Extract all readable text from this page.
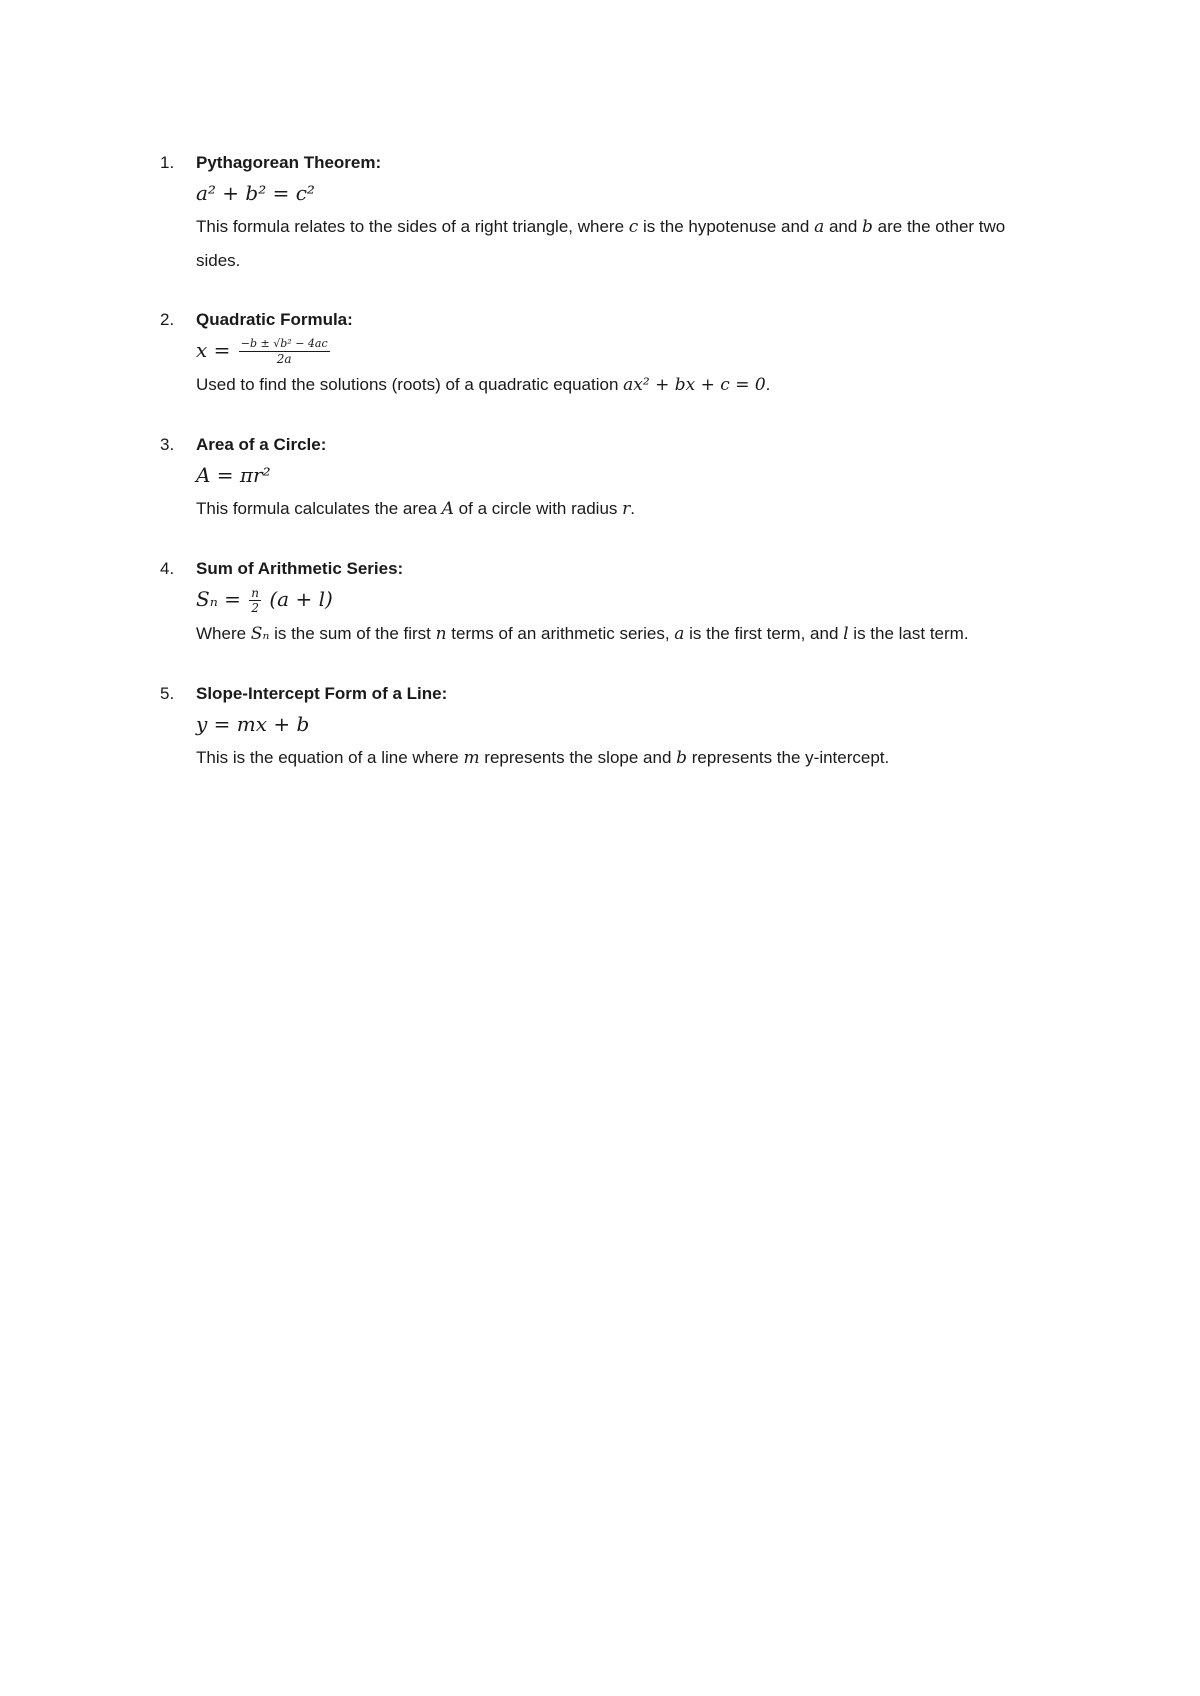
1.	Pythagorean Theorem:

a² + b² = c²

This formula relates to the sides of a right triangle, where c is the hypotenuse and a and b are the other two sides.

2.	Quadratic Formula:

$x = \frac{\text{−b ± √b² − 4ac}}{2a}$

Used to find the solutions (roots) of a quadratic equation ax² + bx + c = 0.

3.	Area of a Circle:

A = πr²

This formula calculates the area A of a circle with radius r.

4.	Sum of Arithmetic Series:

$S_n = \frac{n}{2} (a + l)$

Where Sₙ is the sum of the first n terms of an arithmetic series, a is the first term, and l is the last term.

5.	Slope-Intercept Form of a Line:

y = mx + b

This is the equation of a line where m represents the slope and b represents the y-intercept.
